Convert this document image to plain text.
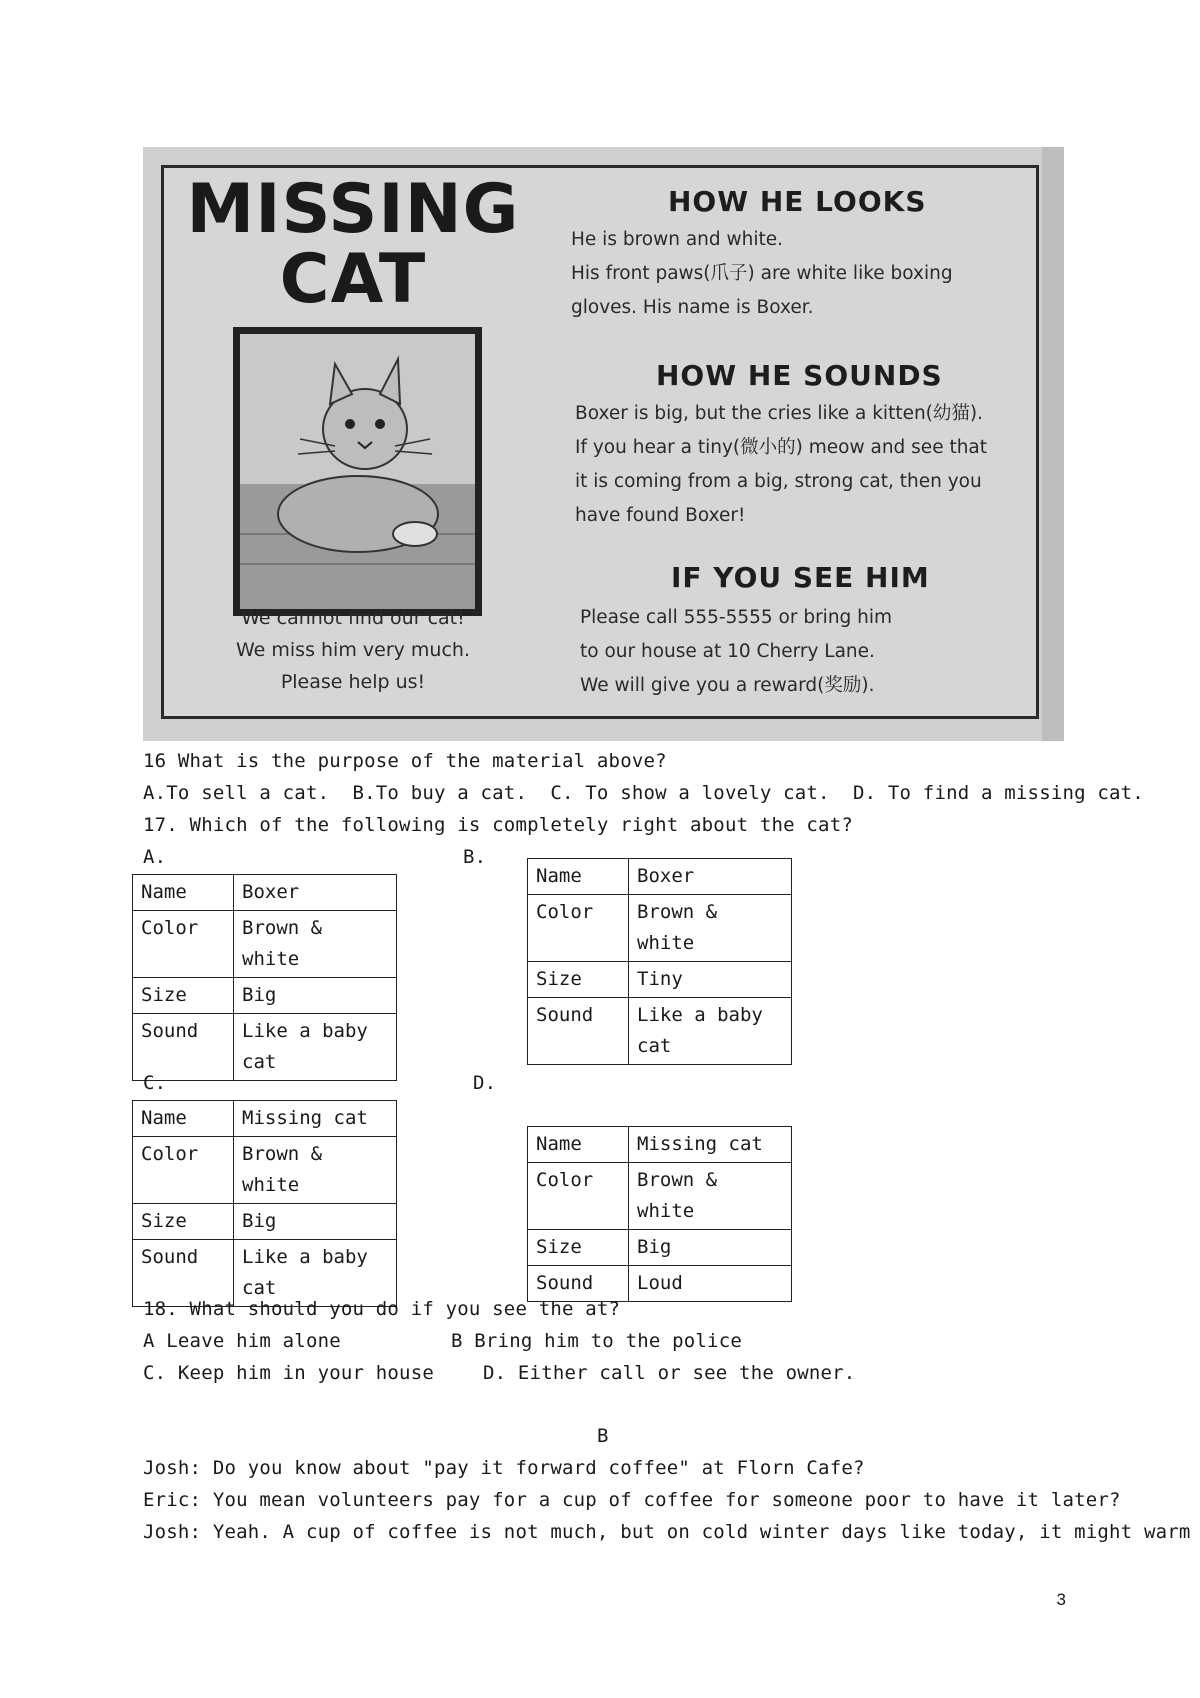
MISSING
CAT
We cannot find our cat!
We miss him very much.
Please help us!
HOW HE LOOKS
He is brown and white.
His front paws(爪子) are white like boxing
gloves. His name is Boxer.
HOW HE SOUNDS
Boxer is big, but the cries like a kitten(幼猫).
If you hear a tiny(微小的) meow and see that
it is coming from a big, strong cat, then you
have found Boxer!
IF YOU SEE HIM
Please call 555-5555 or bring him
to our house at 10 Cherry Lane.
We will give you a reward(奖励).
16 What is the purpose of the material above?
A.To sell a cat.  B.To buy a cat.  C. To show a lovely cat.  D. To find a missing cat.
17. Which of the following is completely right about the cat?
A.	B.
Name	Boxer
Color	Brown & white
Size	Big
Sound	Like a baby cat
Name	Boxer
Color	Brown & white
Size	Tiny
Sound	Like a baby cat
C.	D.
Name	Missing cat
Color	Brown & white
Size	Big
Sound	Like a baby cat
Name	Missing cat
Color	Brown & white
Size	Big
Sound	Loud
18. What should you do if you see the at?
A Leave him alone	B Bring him to the police
C. Keep him in your house	D. Either call or see the owner.
B
Josh: Do you know about "pay it forward coffee" at Florn Cafe?
Eric: You mean volunteers pay for a cup of coffee for someone poor to have it later?
Josh: Yeah. A cup of coffee is not much, but on cold winter days like today, it might warm
3
